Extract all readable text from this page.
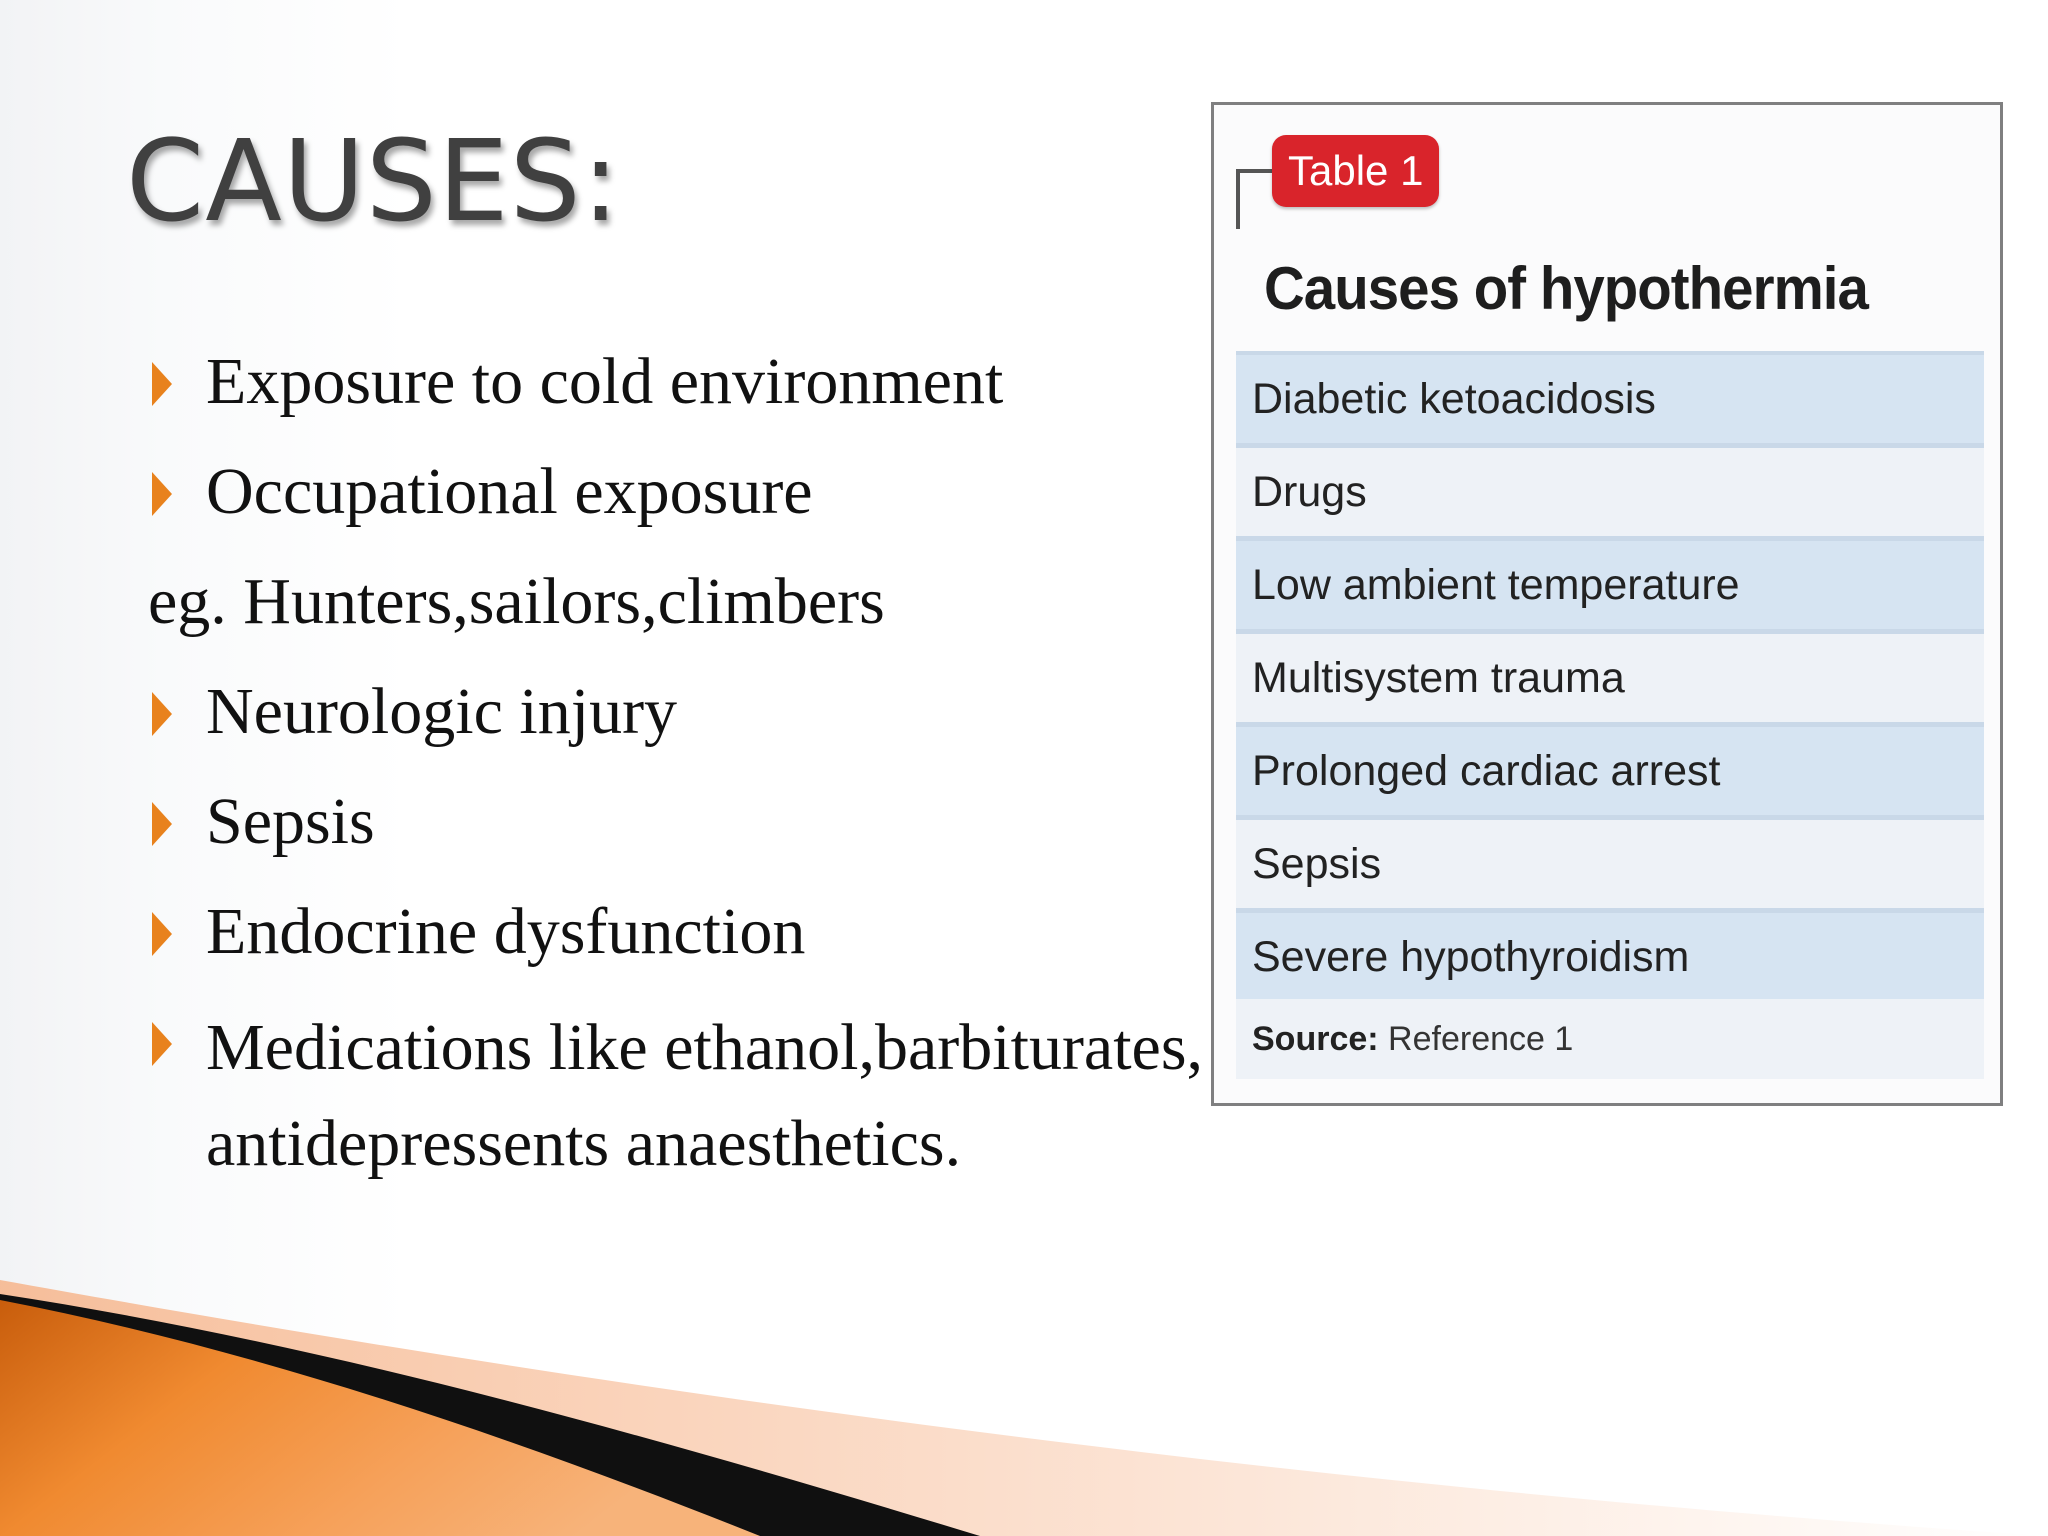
CAUSES:
Exposure to cold environment
Occupational exposure
eg. Hunters,sailors,climbers
Neurologic injury
Sepsis
Endocrine dysfunction
Medications like ethanol,barbiturates, antidepressents anaesthetics.
Table 1
Causes of hypothermia
Diabetic ketoacidosis
Drugs
Low ambient temperature
Multisystem trauma
Prolonged cardiac arrest
Sepsis
Severe hypothyroidism
Source: Reference 1
